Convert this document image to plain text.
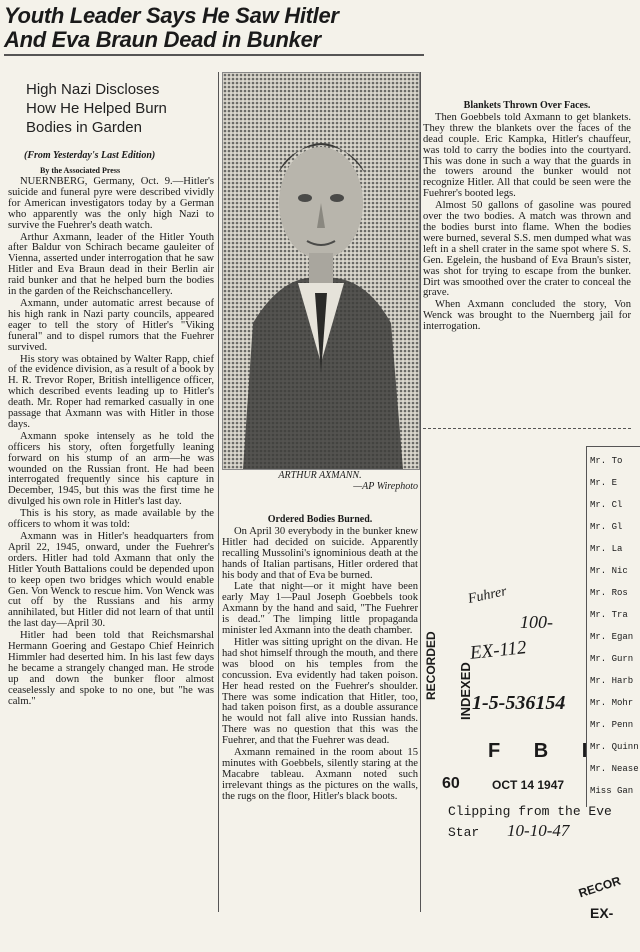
Youth Leader Says He Saw Hitler
And Eva Braun Dead in Bunker
High Nazi Discloses
How He Helped Burn
Bodies in Garden
(From Yesterday's Last Edition)
By the Associated Press

NUERNBERG, Germany, Oct. 9.—Hitler's suicide and funeral pyre were described vividly for American investigators today by a German who apparently was the only high Nazi to survive the Fuehrer's death watch.

Arthur Axmann, leader of the Hitler Youth after Baldur von Schirach became gauleiter of Vienna, asserted under interrogation that he saw Hitler and Eva Braun dead in their Berlin air raid bunker and that he helped burn the bodies in the garden of the Reichschancellery.

Axmann, under automatic arrest because of his high rank in Nazi party councils, appeared eager to tell the story of Hitler's "Viking funeral" and to dispel rumors that the Fuehrer survived.

His story was obtained by Walter Rapp, chief of the evidence division, as a result of a book by H. R. Trevor Roper, British intelligence officer, which described events leading up to Hitler's death. Mr. Roper had remarked casually in one passage that Axmann was with Hitler in those days.

Axmann spoke intensely as he told the officers his story, often forgetfully leaning forward on his stump of an arm—he was wounded on the Russian front. He had been interrogated frequently since his capture in December, 1945, but this was the first time he divulged his own role in Hitler's last day.

This is his story, as made available by the officers to whom it was told:

Axmann was in Hitler's headquarters from April 22, 1945, onward, under the Fuehrer's orders. Hitler had told Axmann that only the Hitler Youth Battalions could be depended upon to keep open two bridges which would enable Gen. Von Wenck to rescue him. Von Wenck was cut off by the Russians and his army annihilated, but Hitler did not learn of that until the last day—April 30.

Hitler had been told that Reichsmarshal Hermann Goering and Gestapo Chief Heinrich Himmler had deserted him. In his last few days he became a strangely changed man. He strode up and down the bunker floor almost ceaselessly and spoke to no one, but "he was calm."

ARTHUR AXMANN.
—AP Wirephoto

Ordered Bodies Burned.

On April 30 everybody in the bunker knew Hitler had decided on suicide. Apparently recalling Mussolini's ignominious death at the hands of Italian partisans, Hitler ordered that his body and that of Eva be burned.

Late that night—or it might have been early May 1—Paul Joseph Goebbels took Axmann by the hand and said, "The Fuehrer is dead." The limping little propaganda minister led Axmann into the death chamber.

Hitler was sitting upright on the divan. He had shot himself through the mouth, and there was blood on his temples from the concussion. Eva evidently had taken poison. Her head rested on the Fuehrer's shoulder. There was some indication that Hitler, too, had taken poison first, as a double assurance he would not fall alive into Russian hands. There was no question that this was the Fuehrer, and that the Fuehrer was dead.

Axmann remained in the room about 15 minutes with Goebbels, silently staring at the Macabre tableau. Axmann noted such irrelevant things as the pictures on the walls, the rugs on the floor, Hitler's black boots.

Blankets Thrown Over Faces.

Then Goebbels told Axmann to get blankets. They threw the blankets over the faces of the dead couple. Eric Kampka, Hitler's chauffeur, was told to carry the bodies into the courtyard. This was done in such a way that the guards in the towers around the bunker would not recognize Hitler. All that could be seen were the Fuehrer's booted legs.

Almost 50 gallons of gasoline was poured over the two bodies. A match was thrown and the bodies burst into flame. When the bodies were burned, several S.S. men dumped what was left in a shell crater in the same spot where S. S. Gen. Egelein, the husband of Eva Braun's sister, was shot for trying to escape from the bunker. Dirt was smoothed over the crater to conceal the grave.

When Axmann concluded the story, Von Wenck was brought to the Nuernberg jail for interrogation.

Mr. To
Mr. E
Mr. Cl
Mr. Gl
Mr. La
Mr. Nic
Mr. Ros
Mr. Tra
Mr. Egan
Mr. Gurn
Mr. Harb
Mr. Mohr
Mr. Penn
Mr. Quinn
Mr. Nease
Miss Gan
RECORDED INDEXED
Fuhrer
100-
EX-112
1-5-536154
F B I
60	OCT 14 1947
Clipping from the Eve
Star 10-10-47
RECOR
EX-
